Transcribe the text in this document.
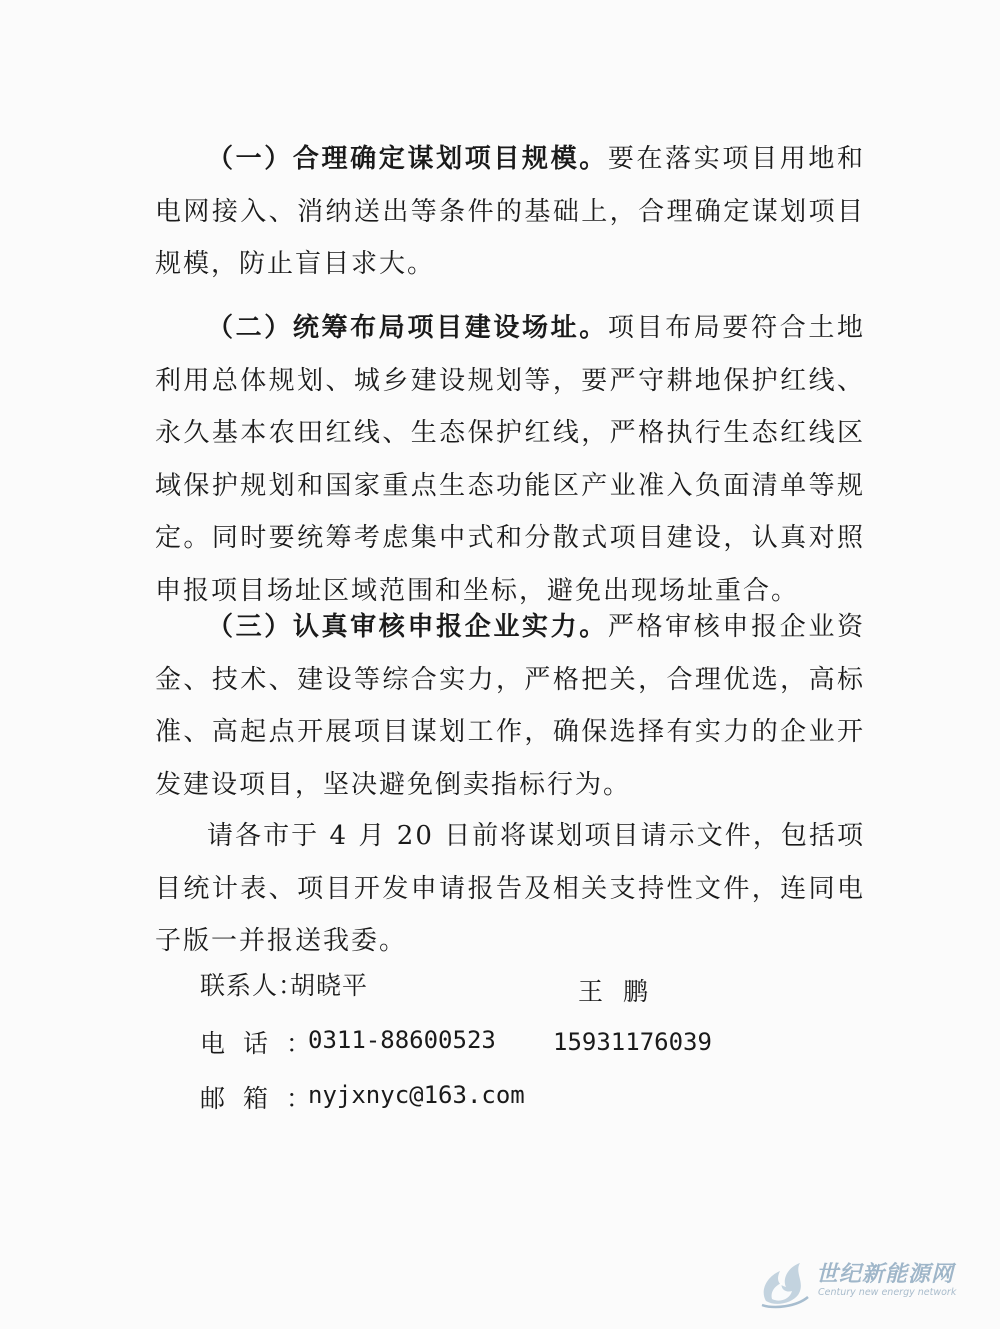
（一）合理确定谋划项目规模。要在落实项目用地和电网接入、消纳送出等条件的基础上，合理确定谋划项目规模，防止盲目求大。

（二）统筹布局项目建设场址。项目布局要符合土地利用总体规划、城乡建设规划等，要严守耕地保护红线、永久基本农田红线、生态保护红线，严格执行生态红线区域保护规划和国家重点生态功能区产业准入负面清单等规定。同时要统筹考虑集中式和分散式项目建设，认真对照申报项目场址区域范围和坐标，避免出现场址重合。

（三）认真审核申报企业实力。严格审核申报企业资金、技术、建设等综合实力，严格把关，合理优选，高标准、高起点开展项目谋划工作，确保选择有实力的企业开发建设项目，坚决避免倒卖指标行为。

请各市于 4 月 20 日前将谋划项目请示文件，包括项目统计表、项目开发申请报告及相关支持性文件，连同电子版一并报送我委。

联系人：
胡晓平	王鹏
电话：
0311-88600523 15931176039
邮箱：
nyjxnyc@163.com
世纪新能源网
Century new energy network
